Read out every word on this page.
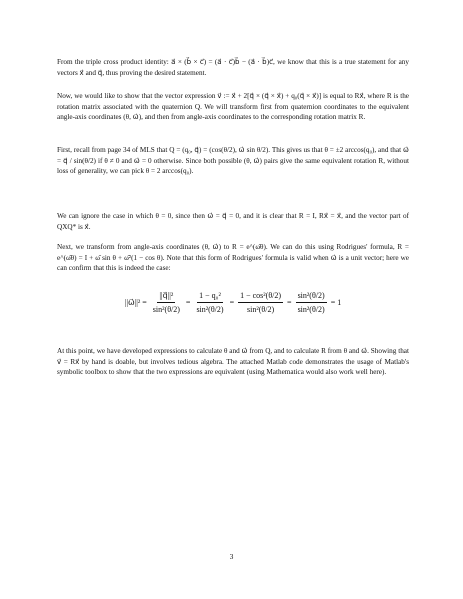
From the triple cross product identity: a⃗ × (b⃗ × c⃗) = (a⃗ · c⃗)b⃗ − (a⃗ · b⃗)c⃗, we know that this is a true statement for any vectors x⃗ and q⃗, thus proving the desired statement.

Now, we would like to show that the vector expression v⃗ := x⃗ + 2[q⃗ × (q⃗ × x⃗) + q₀(q⃗ × x⃗)] is equal to Rx⃗, where R is the rotation matrix associated with the quaternion Q. We will transform first from quaternion coordinates to the equivalent angle-axis coordinates (θ, ω⃗), and then from angle-axis coordinates to the corresponding rotation matrix R.

First, recall from page 34 of MLS that Q = (q₀, q⃗) = (cos(θ/2), ω⃗ sin θ/2). This gives us that θ = ±2 arccos(q₀), and that ω⃗ = q⃗ / sin(θ/2) if θ ≠ 0 and ω⃗ = 0 otherwise. Since both possible (θ, ω⃗) pairs give the same equivalent rotation R, without loss of generality, we can pick θ = 2 arccos(q₀).

We can ignore the case in which θ = 0, since then ω⃗ = q⃗ = 0, and it is clear that R = I, Rx⃗ = x⃗, and the vector part of QXQ* is x⃗.

Next, we transform from angle-axis coordinates (θ, ω⃗) to R = e^(ω̂θ). We can do this using Rodrigues' formula, R = e^(ω̂θ) = I + ω̂ sin θ + ω̂²(1 − cos θ). Note that this form of Rodrigues' formula is valid when ω⃗ is a unit vector; here we can confirm that this is indeed the case:

||ω⃗||² = $\frac{\text{||q⃗||²}}{\text{sin²(θ/2)}} = \frac{\text{1 − q₀²}}{\text{sin²(θ/2)}} = \frac{\text{1 − cos²(θ/2)}}{\text{sin²(θ/2)}} = \frac{\text{sin²(θ/2)}}{\text{sin²(θ/2)}} = 1$

At this point, we have developed expressions to calculate θ and ω⃗ from Q, and to calculate R from θ and ω⃗. Showing that v⃗ = Rx⃗ by hand is doable, but involves tedious algebra. The attached Matlab code demonstrates the usage of Matlab's symbolic toolbox to show that the two expressions are equivalent (using Mathematica would also work well here).

3
